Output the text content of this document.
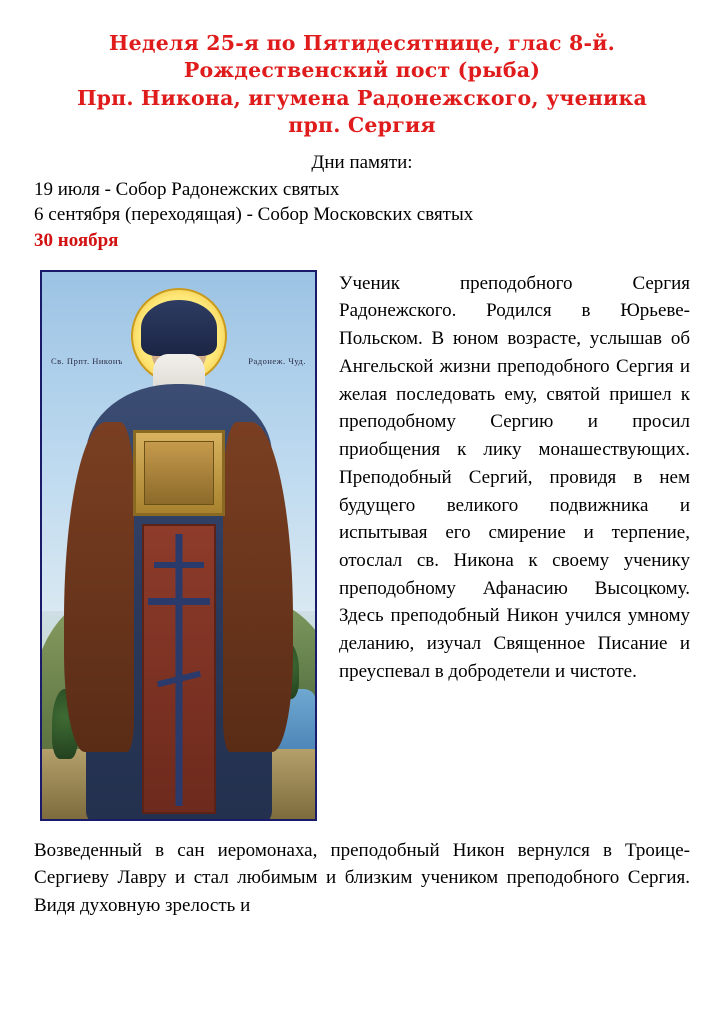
Неделя 25-я по Пятидесятнице, глас 8-й.
Рождественский пост (рыба)
Прп. Никона, игумена Радонежского, ученика
прп. Сергия
Дни памяти:
19 июля - Собор Радонежских святых
6 сентября (переходящая) - Собор Московских святых
30 ноября
Св. Прпт. Никонъ	Радонеж. Чуд.
Ученик преподобного Сергия Радонежского. Родился в Юрьеве-Польском. В юном возрасте, услышав об Ангельской жизни преподобного Сергия и желая последовать ему, святой пришел к преподобному Сергию и просил приобщения к лику монашествующих. Преподобный Сергий, провидя в нем будущего великого подвижника и испытывая его смирение и терпение, отослал св. Никона к своему ученику преподобному Афанасию Высоцкому. Здесь преподобный Никон учился умному деланию, изучал Священное Писание и преуспевал в добродетели и чистоте.
Возведенный в сан иеромонаха, преподобный Никон вернулся в Троице-Сергиеву Лавру и стал любимым и близким учеником преподобного Сергия. Видя духовную зрелость и
